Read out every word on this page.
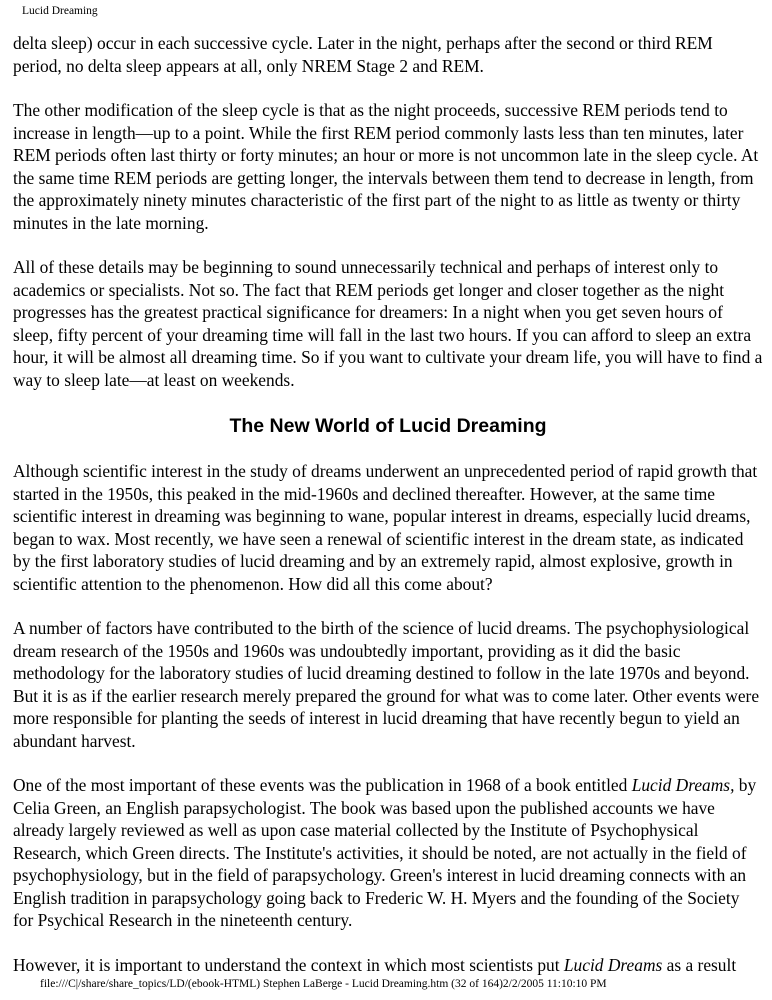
Lucid Dreaming

delta sleep) occur in each successive cycle. Later in the night, perhaps after the second or third REM period, no delta sleep appears at all, only NREM Stage 2 and REM.

The other modification of the sleep cycle is that as the night proceeds, successive REM periods tend to increase in length—up to a point. While the first REM period commonly lasts less than ten minutes, later REM periods often last thirty or forty minutes; an hour or more is not uncommon late in the sleep cycle. At the same time REM periods are getting longer, the intervals between them tend to decrease in length, from the approximately ninety minutes characteristic of the first part of the night to as little as twenty or thirty minutes in the late morning.

All of these details may be beginning to sound unnecessarily technical and perhaps of interest only to academics or specialists. Not so. The fact that REM periods get longer and closer together as the night progresses has the greatest practical significance for dreamers: In a night when you get seven hours of sleep, fifty percent of your dreaming time will fall in the last two hours. If you can afford to sleep an extra hour, it will be almost all dreaming time. So if you want to cultivate your dream life, you will have to find a way to sleep late—at least on weekends.

The New World of Lucid Dreaming

Although scientific interest in the study of dreams underwent an unprecedented period of rapid growth that started in the 1950s, this peaked in the mid-1960s and declined thereafter. However, at the same time scientific interest in dreaming was beginning to wane, popular interest in dreams, especially lucid dreams, began to wax. Most recently, we have seen a renewal of scientific interest in the dream state, as indicated by the first laboratory studies of lucid dreaming and by an extremely rapid, almost explosive, growth in scientific attention to the phenomenon. How did all this come about?

A number of factors have contributed to the birth of the science of lucid dreams. The psychophysiological dream research of the 1950s and 1960s was undoubtedly important, providing as it did the basic methodology for the laboratory studies of lucid dreaming destined to follow in the late 1970s and beyond. But it is as if the earlier research merely prepared the ground for what was to come later. Other events were more responsible for planting the seeds of interest in lucid dreaming that have recently begun to yield an abundant harvest.

One of the most important of these events was the publication in 1968 of a book entitled Lucid Dreams, by Celia Green, an English parapsychologist. The book was based upon the published accounts we have already largely reviewed as well as upon case material collected by the Institute of Psychophysical Research, which Green directs. The Institute's activities, it should be noted, are not actually in the field of psychophysiology, but in the field of parapsychology. Green's interest in lucid dreaming connects with an English tradition in parapsychology going back to Frederic W. H. Myers and the founding of the Society for Psychical Research in the nineteenth century.

However, it is important to understand the context in which most scientists put Lucid Dreams as a result

file:///C|/share/share_topics/LD/(ebook-HTML) Stephen LaBerge - Lucid Dreaming.htm (32 of 164)2/2/2005 11:10:10 PM
